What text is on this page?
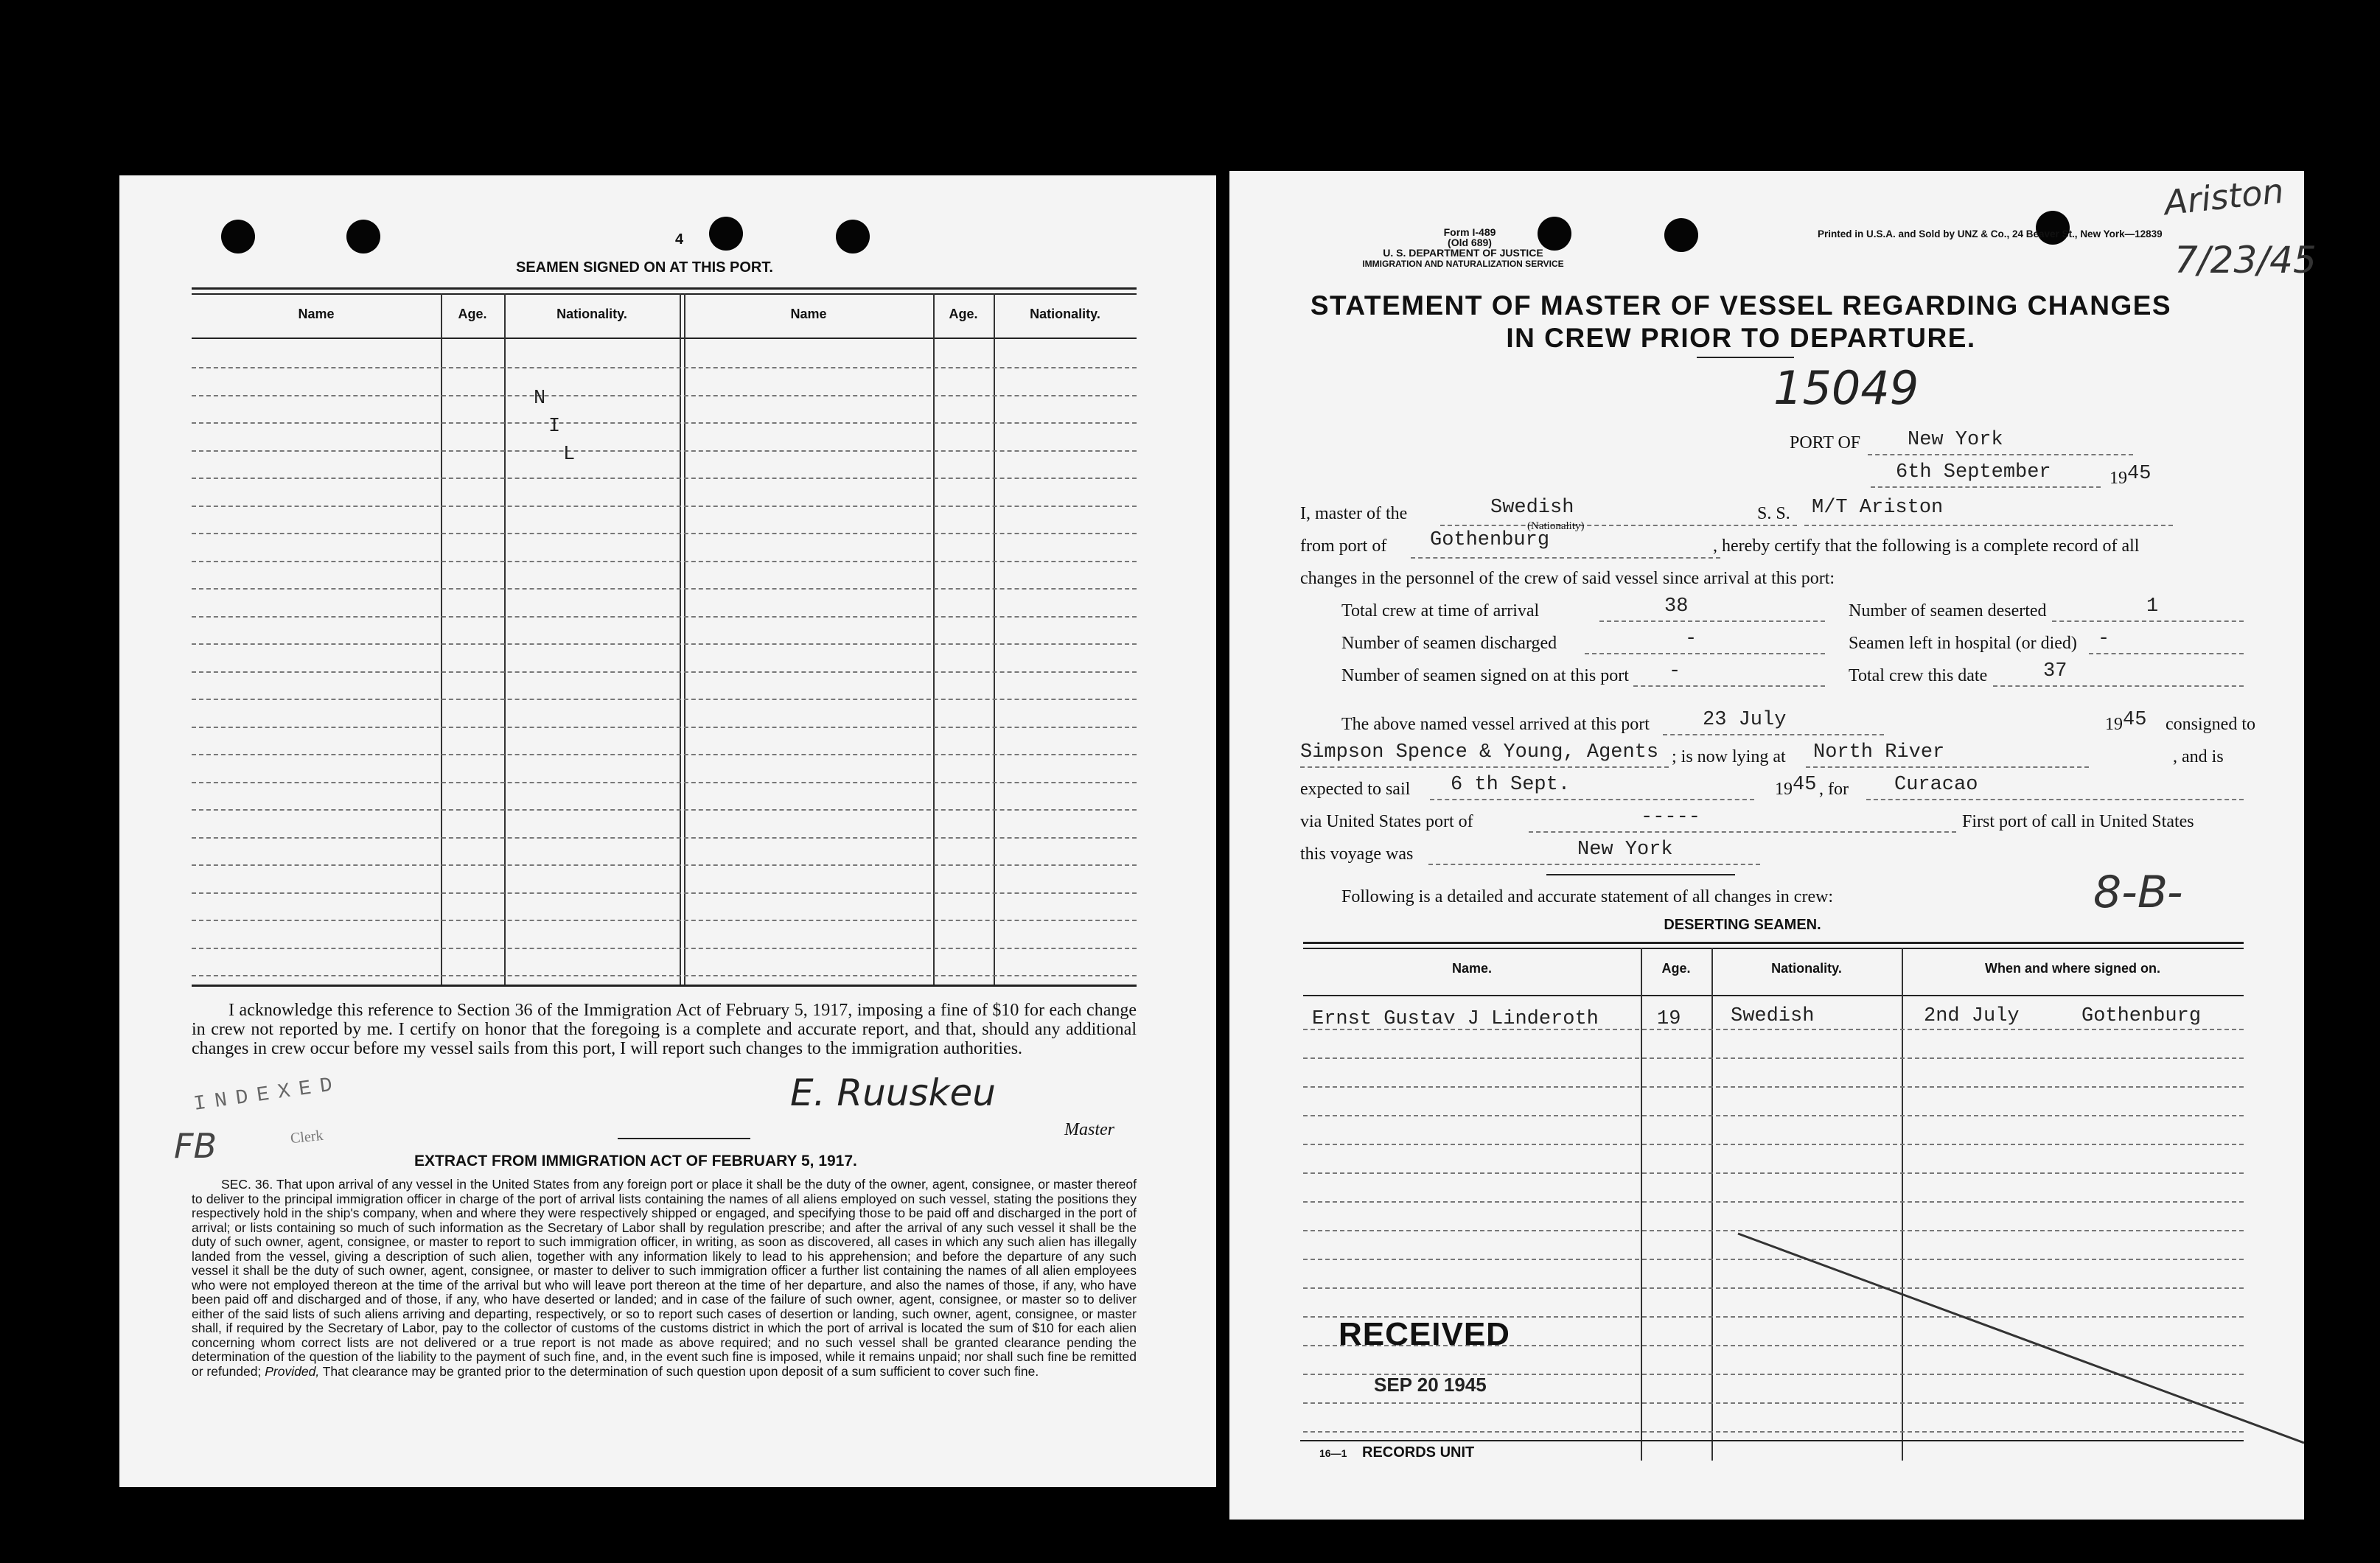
4
SEAMEN SIGNED ON AT THIS PORT.
Name	Age.	Nationality.	Name	Age.	Nationality.
N
I
L
I acknowledge this reference to Section 36 of the Immigration Act of February 5, 1917, imposing a fine of $10 for each change in crew not reported by me. I certify on honor that the foregoing is a complete and accurate report, and that, should any additional changes in crew occur before my vessel sails from this port, I will report such changes to the immigration authorities.
INDEXED
FB	Clerk
E. Ruuskeu
Master
EXTRACT FROM IMMIGRATION ACT OF FEBRUARY 5, 1917.
SEC. 36. That upon arrival of any vessel in the United States from any foreign port or place it shall be the duty of the owner, agent, consignee, or master thereof to deliver to the principal immigration officer in charge of the port of arrival lists containing the names of all aliens employed on such vessel, stating the positions they respectively hold in the ship's company, when and where they were respectively shipped or engaged, and specifying those to be paid off and discharged in the port of arrival; or lists containing so much of such information as the Secretary of Labor shall by regulation prescribe; and after the arrival of any such vessel it shall be the duty of such owner, agent, consignee, or master to report to such immigration officer, in writing, as soon as discovered, all cases in which any such alien has illegally landed from the vessel, giving a description of such alien, together with any information likely to lead to his apprehension; and before the departure of any such vessel it shall be the duty of such owner, agent, consignee, or master to deliver to such immigration officer a further list containing the names of all alien employees who were not employed thereon at the time of the arrival but who will leave port thereon at the time of her departure, and also the names of those, if any, who have been paid off and discharged and of those, if any, who have deserted or landed; and in case of the failure of such owner, agent, consignee, or master so to deliver either of the said lists of such aliens arriving and departing, respectively, or so to report such cases of desertion or landing, such owner, agent, consignee, or master shall, if required by the Secretary of Labor, pay to the collector of customs of the customs district in which the port of arrival is located the sum of $10 for each alien concerning whom correct lists are not delivered or a true report is not made as above required; and no such vessel shall be granted clearance pending the determination of the question of the liability to the payment of such fine, and, in the event such fine is imposed, while it remains unpaid; nor shall such fine be remitted or refunded; Provided, That clearance may be granted prior to the determination of such question upon deposit of a sum sufficient to cover such fine.
Form I-489
(Old 689)
U. S. DEPARTMENT OF JUSTICE
IMMIGRATION AND NATURALIZATION SERVICE
Printed in U.S.A. and Sold by UNZ & Co., 24 Beaver St., New York—12839
Ariston
7/23/45
STATEMENT OF MASTER OF VESSEL REGARDING CHANGES
IN CREW PRIOR TO DEPARTURE.
15049
PORT OF New York
6th September	19 45
I, master of the	Swedish
(Nationality)
S. S. M/T Ariston
from port of Gothenburg	, hereby certify that the following is a complete record of all
changes in the personnel of the crew of said vessel since arrival at this port:
Total crew at time of arrival	38	Number of seamen deserted	1
Number of seamen discharged	-	Seamen left in hospital (or died) -
Number of seamen signed on at this port -	Total crew this date	37
The above named vessel arrived at this port	23 July	19 45 consigned to
Simpson Spence & Young, Agents ; is now lying at North River	, and is
expected to sail 6 th Sept.	19 45 , for Curacao
via United States port of	-----	First port of call in United States
this voyage was	New York
Following is a detailed and accurate statement of all changes in crew:	8-B-
DESERTING SEAMEN.
Name.	Age.	Nationality.	When and where signed on.
Ernst Gustav J Linderoth	19	Swedish	2nd July	Gothenburg
RECEIVED
SEP 20 1945
16—1 RECORDS UNIT
